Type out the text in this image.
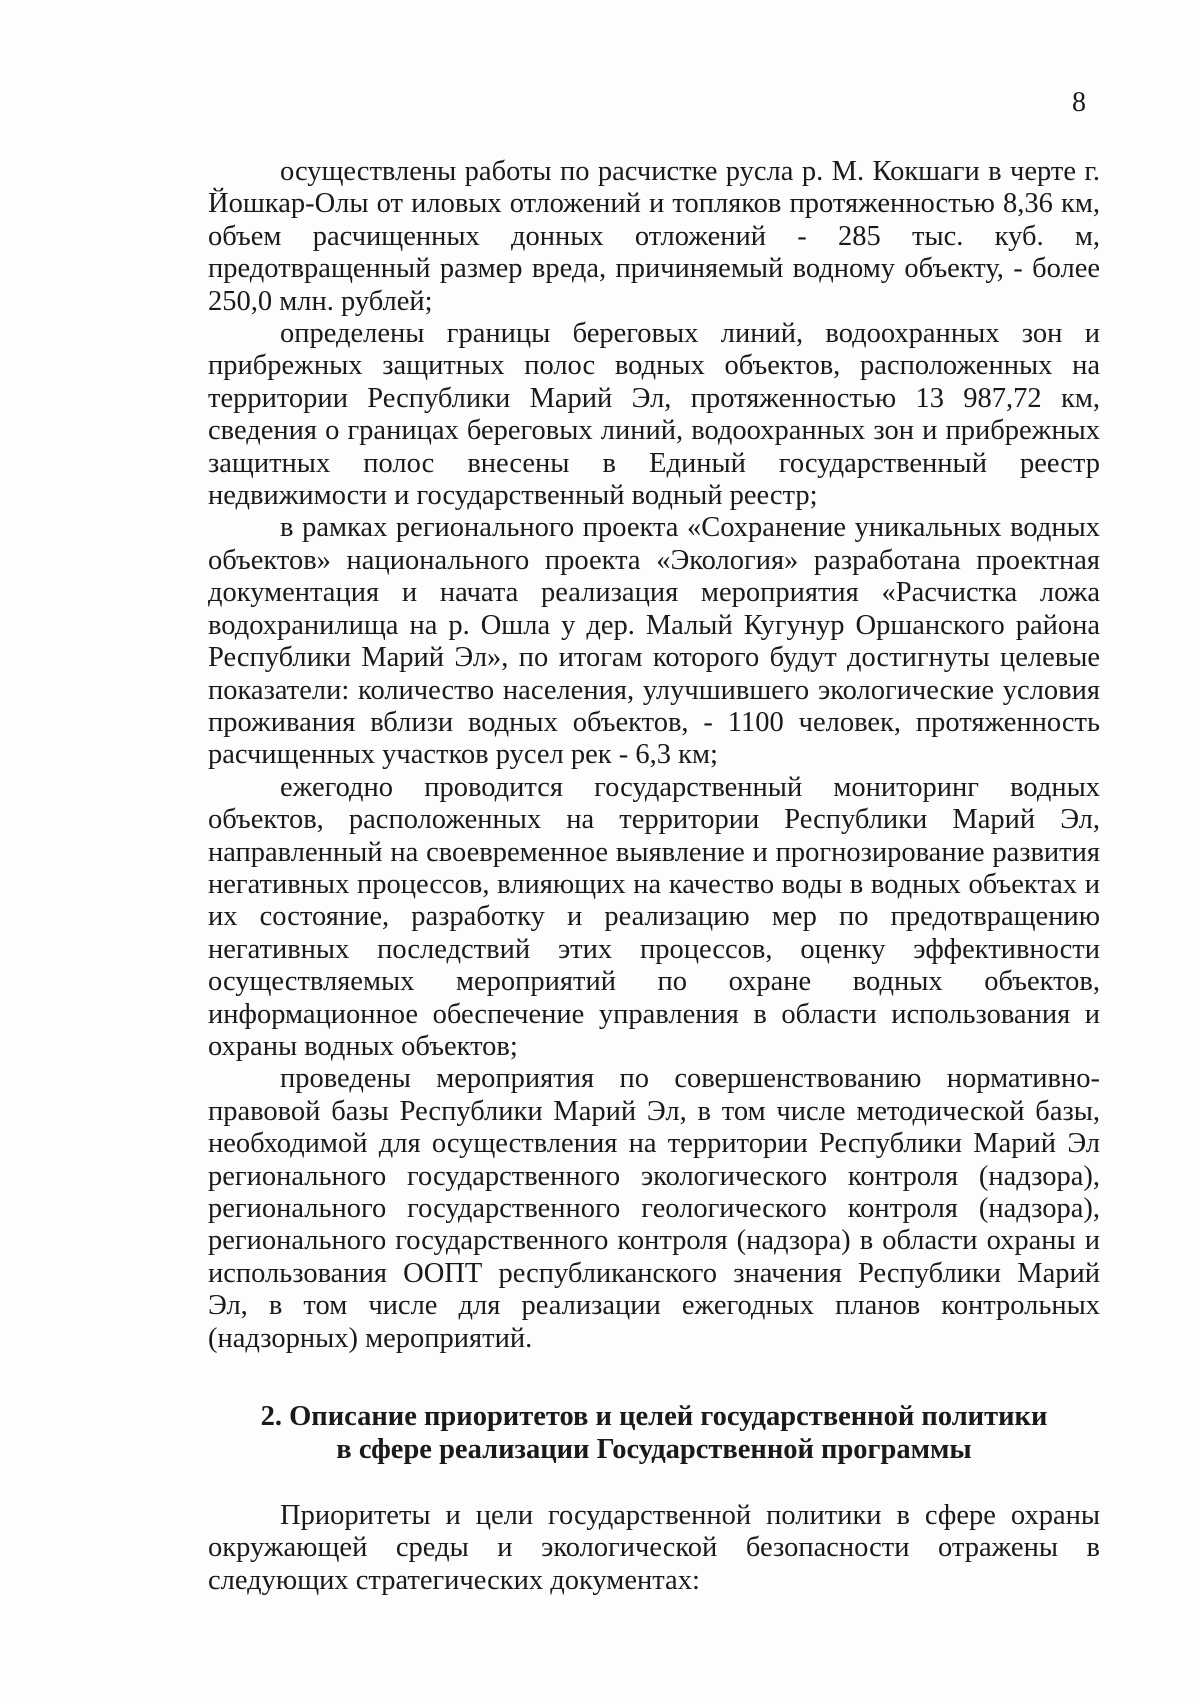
8

осуществлены работы по расчистке русла р. М. Кокшаги в черте г. Йошкар-Олы от иловых отложений и топляков протяженностью 8,36 км, объем расчищенных донных отложений - 285 тыс. куб. м, предотвращенный размер вреда, причиняемый водному объекту, - более 250,0 млн. рублей;

определены границы береговых линий, водоохранных зон и прибрежных защитных полос водных объектов, расположенных на территории Республики Марий Эл, протяженностью 13 987,72 км, сведения о границах береговых линий, водоохранных зон и прибрежных защитных полос внесены в Единый государственный реестр недвижимости и государственный водный реестр;

в рамках регионального проекта «Сохранение уникальных водных объектов» национального проекта «Экология» разработана проектная документация и начата реализация мероприятия «Расчистка ложа водохранилища на р. Ошла у дер. Малый Кугунур Оршанского района Республики Марий Эл», по итогам которого будут достигнуты целевые показатели: количество населения, улучшившего экологические условия проживания вблизи водных объектов, - 1100 человек, протяженность расчищенных участков русел рек - 6,3 км;

ежегодно проводится государственный мониторинг водных объектов, расположенных на территории Республики Марий Эл, направленный на своевременное выявление и прогнозирование развития негативных процессов, влияющих на качество воды в водных объектах и их состояние, разработку и реализацию мер по предотвращению негативных последствий этих процессов, оценку эффективности осуществляемых мероприятий по охране водных объектов, информационное обеспечение управления в области использования и охраны водных объектов;

проведены мероприятия по совершенствованию нормативно-правовой базы Республики Марий Эл, в том числе методической базы, необходимой для осуществления на территории Республики Марий Эл регионального государственного экологического контроля (надзора), регионального государственного геологического контроля (надзора), регионального государственного контроля (надзора) в области охраны и использования ООПТ республиканского значения Республики Марий Эл, в том числе для реализации ежегодных планов контрольных (надзорных) мероприятий.

2. Описание приоритетов и целей государственной политики
в сфере реализации Государственной программы

Приоритеты и цели государственной политики в сфере охраны окружающей среды и экологической безопасности отражены в следующих стратегических документах:
